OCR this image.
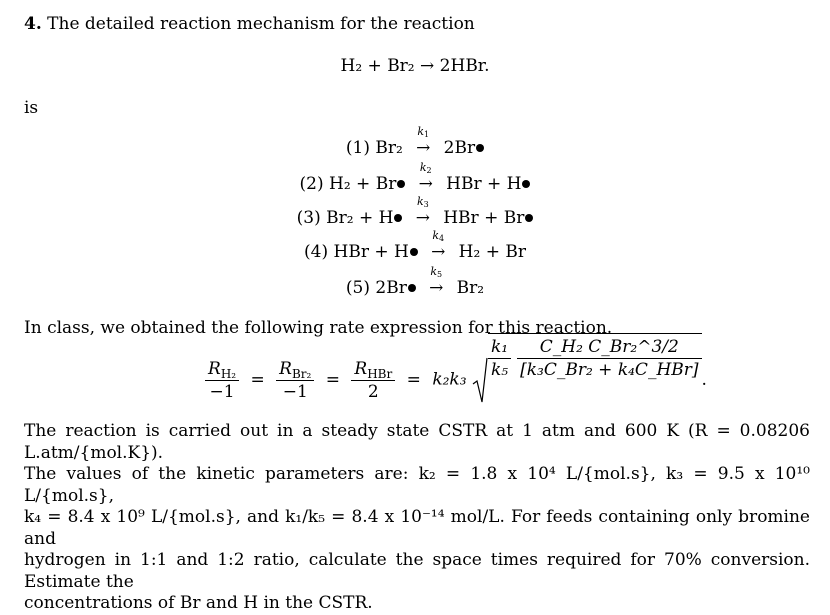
4. The detailed reaction mechanism for the reaction
H₂ + Br₂ → 2HBr.
is
(1) Br₂
k1
→ 2Br
(2) H₂ + Br
k2
→ HBr + H
(3) Br₂ + H
k3
→ HBr + Br
(4) HBr + H
k4
→ H₂ + Br
(5) 2Br
k5
→ Br₂
In class, we obtained the following rate expression for this reaction.
$\frac{R_{H_2}}{-1} = \frac{R_{Br_2}}{-1} = \frac{R_{HBr}}{2} = k_2k_3 \frac{\text{k₁}}{\text{k₅}} \frac{\text{C\_H₂ C\_Br₂\textasciicircum{}3/2}}{\text{[k₃C\_Br₂ + k₄C\_HBr]}}$ .
The reaction is carried out in a steady state CSTR at 1 atm and 600 K (R = 0.08206 L.atm/{mol.K}).
The values of the kinetic parameters are: k₂ = 1.8 x 10⁴ L/{mol.s}, k₃ = 9.5 x 10¹⁰ L/{mol.s},
k₄ = 8.4 x 10⁹ L/{mol.s}, and k₁/k₅ = 8.4 x 10⁻¹⁴ mol/L. For feeds containing only bromine and
hydrogen in 1:1 and 1:2 ratio, calculate the space times required for 70% conversion. Estimate the
concentrations of Br and H in the CSTR.
